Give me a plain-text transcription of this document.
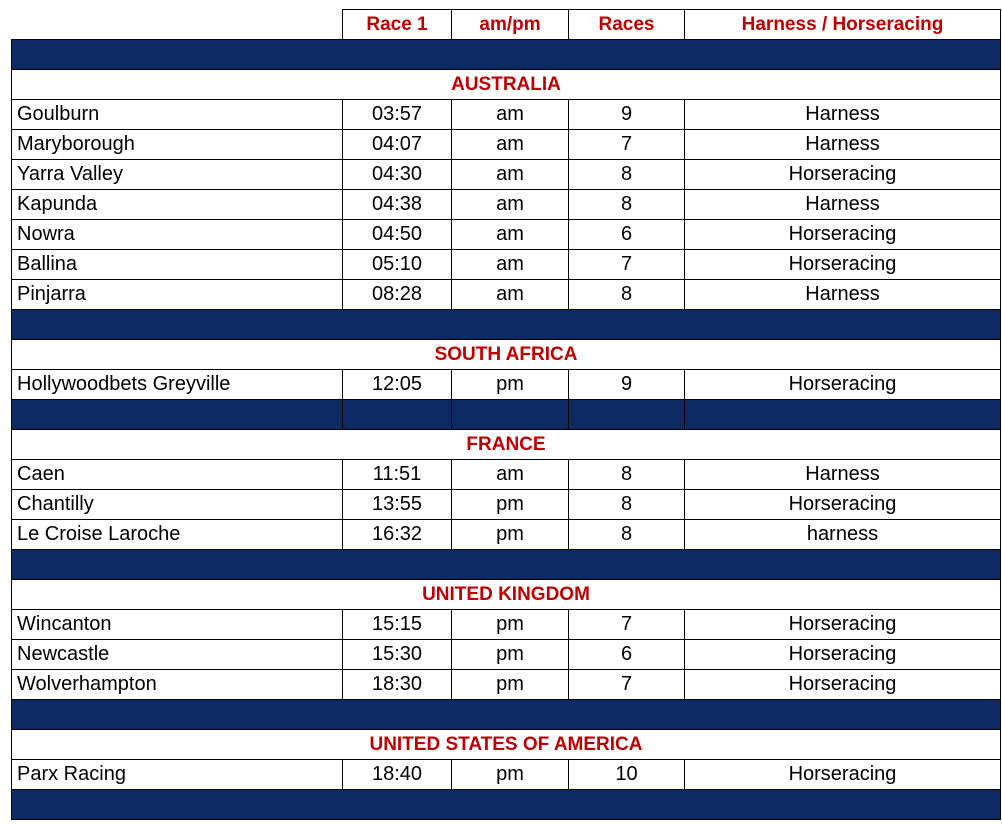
	Race 1	am/pm	Races	Harness / Horseracing

AUSTRALIA				
Goulburn	03:57	am	9	Harness
Maryborough	04:07	am	7	Harness
Yarra Valley	04:30	am	8	Horseracing
Kapunda	04:38	am	8	Harness
Nowra	04:50	am	6	Horseracing
Ballina	05:10	am	7	Horseracing
Pinjarra	08:28	am	8	Harness

SOUTH AFRICA				
Hollywoodbets Greyville	12:05	pm	9	Horseracing

FRANCE				
Caen	11:51	am	8	Harness
Chantilly	13:55	pm	8	Horseracing
Le Croise Laroche	16:32	pm	8	harness

UNITED KINGDOM				
Wincanton	15:15	pm	7	Horseracing
Newcastle	15:30	pm	6	Horseracing
Wolverhampton	18:30	pm	7	Horseracing

UNITED STATES OF AMERICA				
Parx Racing	18:40	pm	10	Horseracing
